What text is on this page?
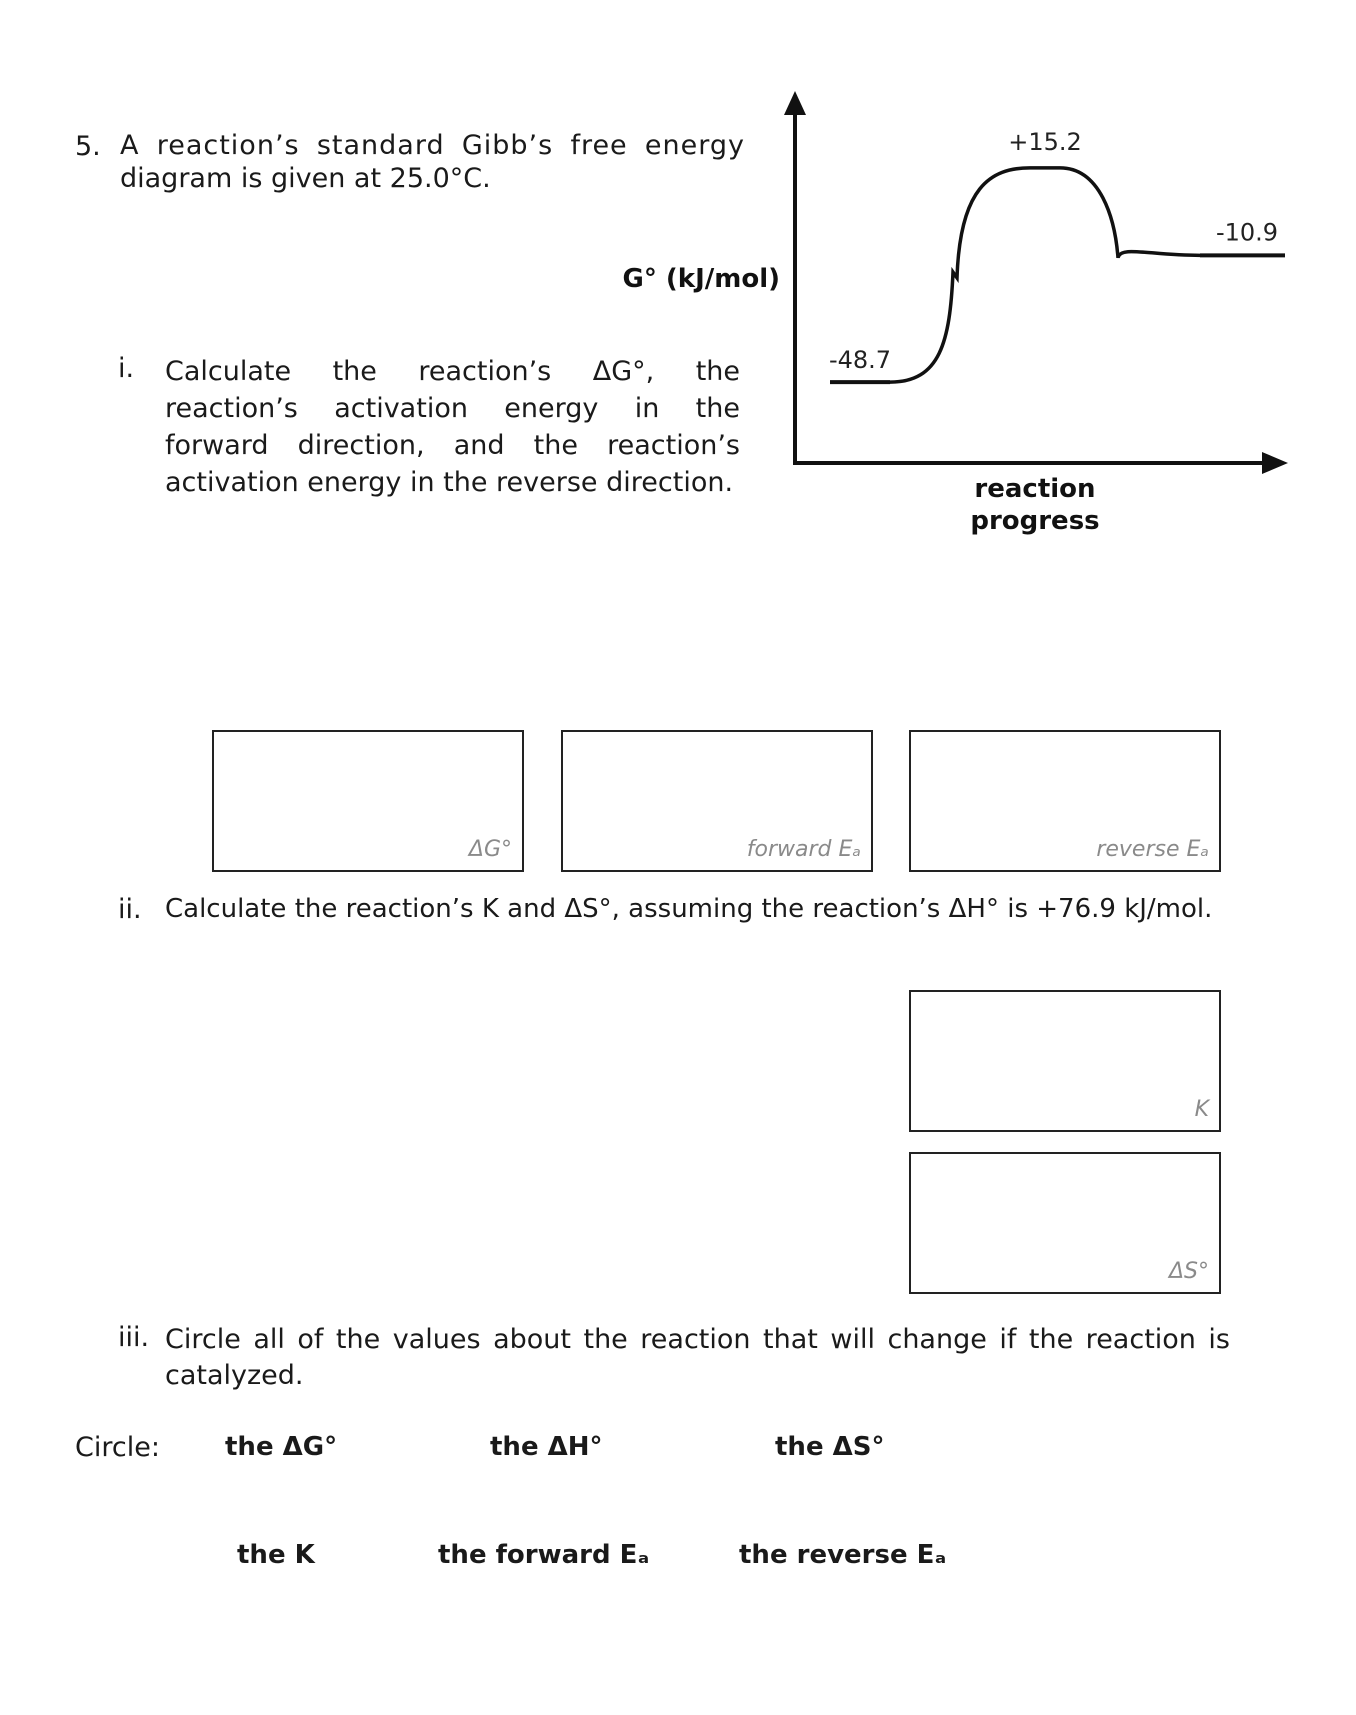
5. A reaction’s standard Gibb’s free energy
diagram is given at 25.0°C.
-48.7
+15.2
-10.9
G° (kJ/mol)
reaction
progress
i. Calculate the reaction’s ΔG°, the reaction’s activation energy in the forward direction, and the reaction’s activation energy in the reverse direction.
ΔG°	forward Eₐ	reverse Eₐ
ii. Calculate the reaction’s K and ΔS°, assuming the reaction’s ΔH° is +76.9 kJ/mol.
K
ΔS°
iii. Circle all of the values about the reaction that will change if the reaction is catalyzed.
Circle:	the ΔG°	the ΔH°	the ΔS°
the K	the forward Eₐ	the reverse Eₐ
